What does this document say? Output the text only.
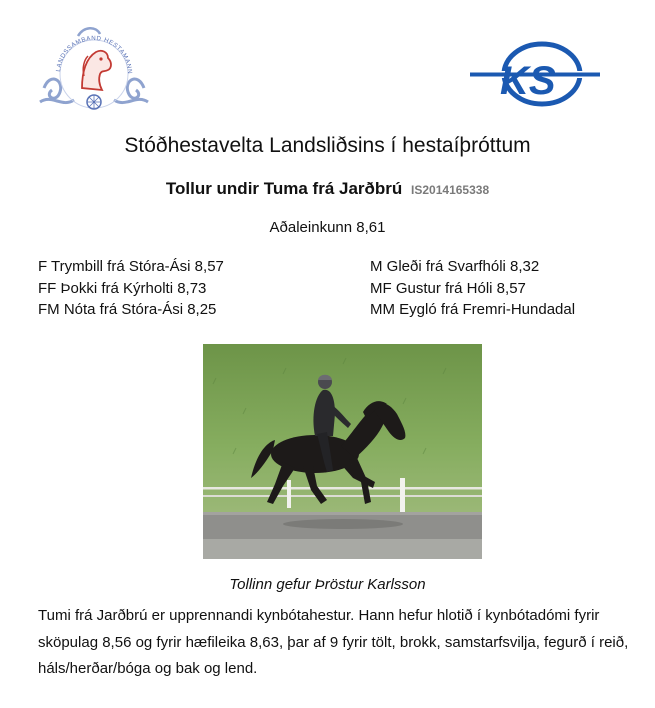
LANDSSAMBAND HESTAMANN	KS
Stóðhestavelta Landsliðsins í hestaíþróttum
Tollur undir Tuma frá Jarðbrú IS2014165338
Aðaleinkunn 8,61
F Trymbill frá Stóra-Ási 8,57
FF Þokki frá Kýrholti 8,73
FM Nóta frá Stóra-Ási 8,25
M Gleði frá Svarfhóli 8,32
MF Gustur frá Hóli 8,57
MM Eygló frá Fremri-Hundadal
Tollinn gefur Þröstur Karlsson
Tumi frá Jarðbrú er upprennandi kynbótahestur. Hann hefur hlotið í kynbótadómi fyrir sköpulag 8,56 og fyrir hæfileika 8,63, þar af 9 fyrir tölt, brokk, samstarfsvilja, fegurð í reið, háls/herðar/bóga og bak og lend.
